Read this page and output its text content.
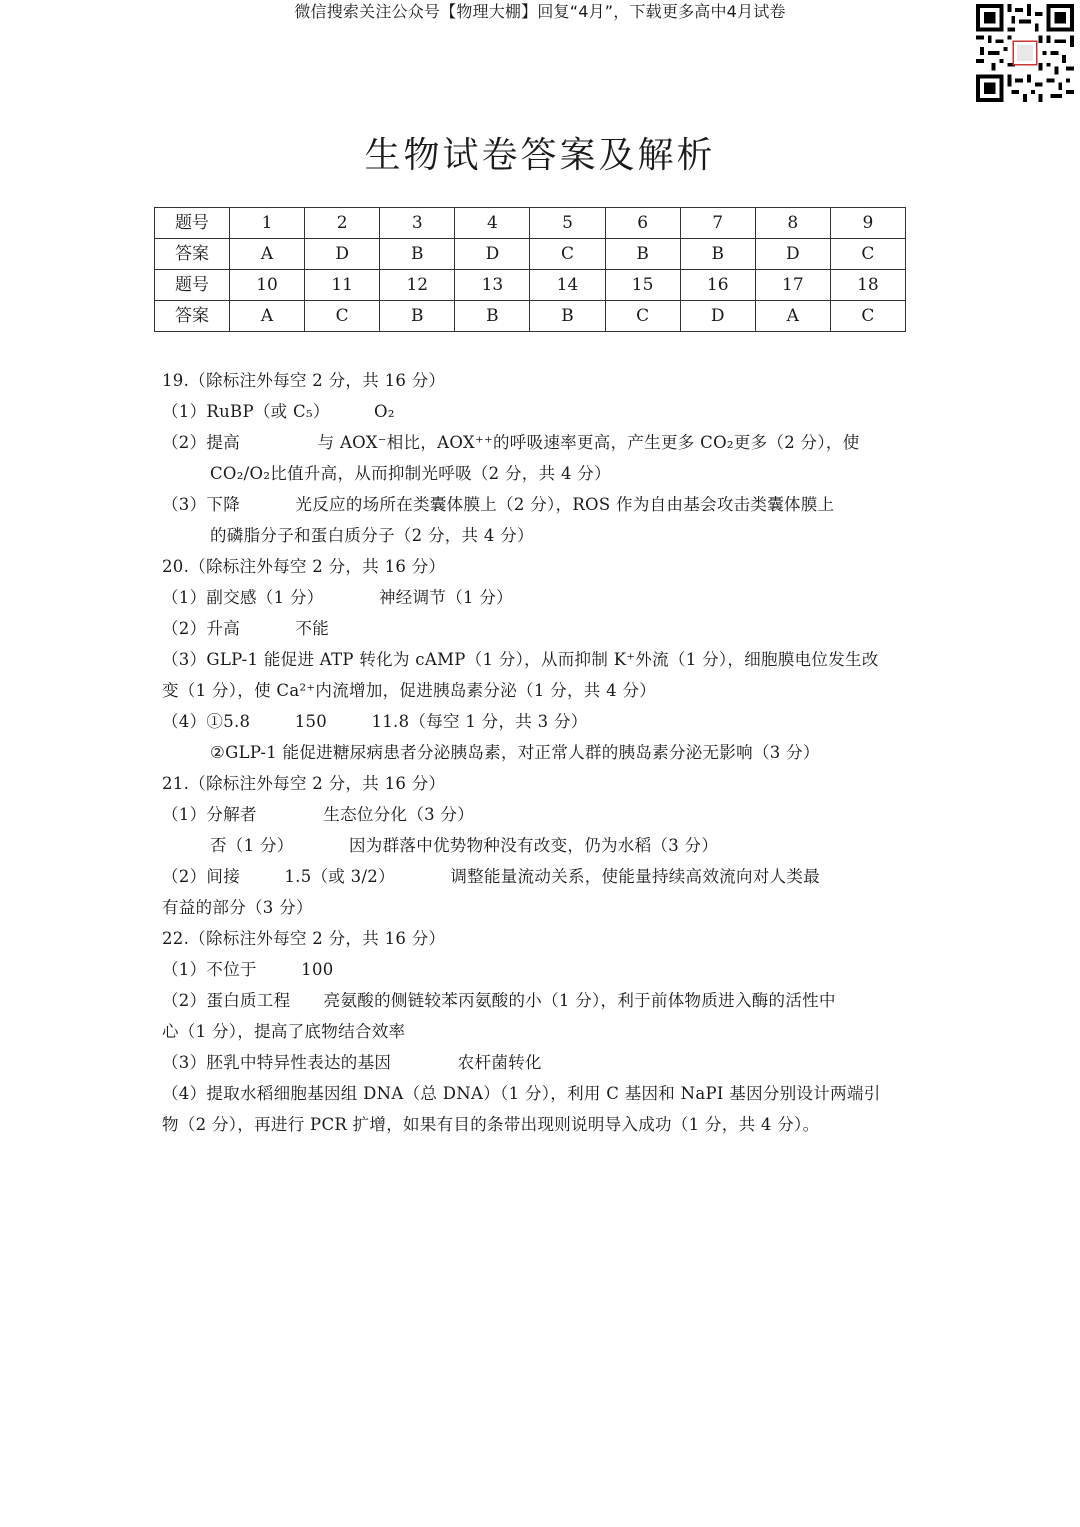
微信搜索关注公众号【物理大棚】回复“4月”，下载更多高中4月试卷
生物试卷答案及解析
题号	1	2	3	4	5	6	7	8	9
答案	A	D	B	D	C	B	B	D	C
题号	10	11	12	13	14	15	16	17	18
答案	A	C	B	B	B	C	D	A	C
19.（除标注外每空 2 分，共 16 分）
（1）RuBP（或 C₅）        O₂
（2）提高              与 AOX⁻相比，AOX⁺⁺的呼吸速率更高，产生更多 CO₂更多（2 分），使
CO₂/O₂比值升高，从而抑制光呼吸（2 分，共 4 分）
（3）下降          光反应的场所在类囊体膜上（2 分），ROS 作为自由基会攻击类囊体膜上
的磷脂分子和蛋白质分子（2 分，共 4 分）
20.（除标注外每空 2 分，共 16 分）
（1）副交感（1 分）          神经调节（1 分）
（2）升高          不能
（3）GLP-1 能促进 ATP 转化为 cAMP（1 分），从而抑制 K⁺外流（1 分），细胞膜电位发生改
变（1 分），使 Ca²⁺内流增加，促进胰岛素分泌（1 分，共 4 分）
（4）①5.8        150        11.8（每空 1 分，共 3 分）
②GLP-1 能促进糖尿病患者分泌胰岛素，对正常人群的胰岛素分泌无影响（3 分）
21.（除标注外每空 2 分，共 16 分）
（1）分解者            生态位分化（3 分）
否（1 分）          因为群落中优势物种没有改变，仍为水稻（3 分）
（2）间接        1.5（或 3/2）          调整能量流动关系，使能量持续高效流向对人类最
有益的部分（3 分）
22.（除标注外每空 2 分，共 16 分）
（1）不位于        100
（2）蛋白质工程      亮氨酸的侧链较苯丙氨酸的小（1 分），利于前体物质进入酶的活性中
心（1 分），提高了底物结合效率
（3）胚乳中特异性表达的基因            农杆菌转化
（4）提取水稻细胞基因组 DNA（总 DNA）（1 分），利用 C 基因和 NaPI 基因分别设计两端引
物（2 分），再进行 PCR 扩增，如果有目的条带出现则说明导入成功（1 分，共 4 分）。
